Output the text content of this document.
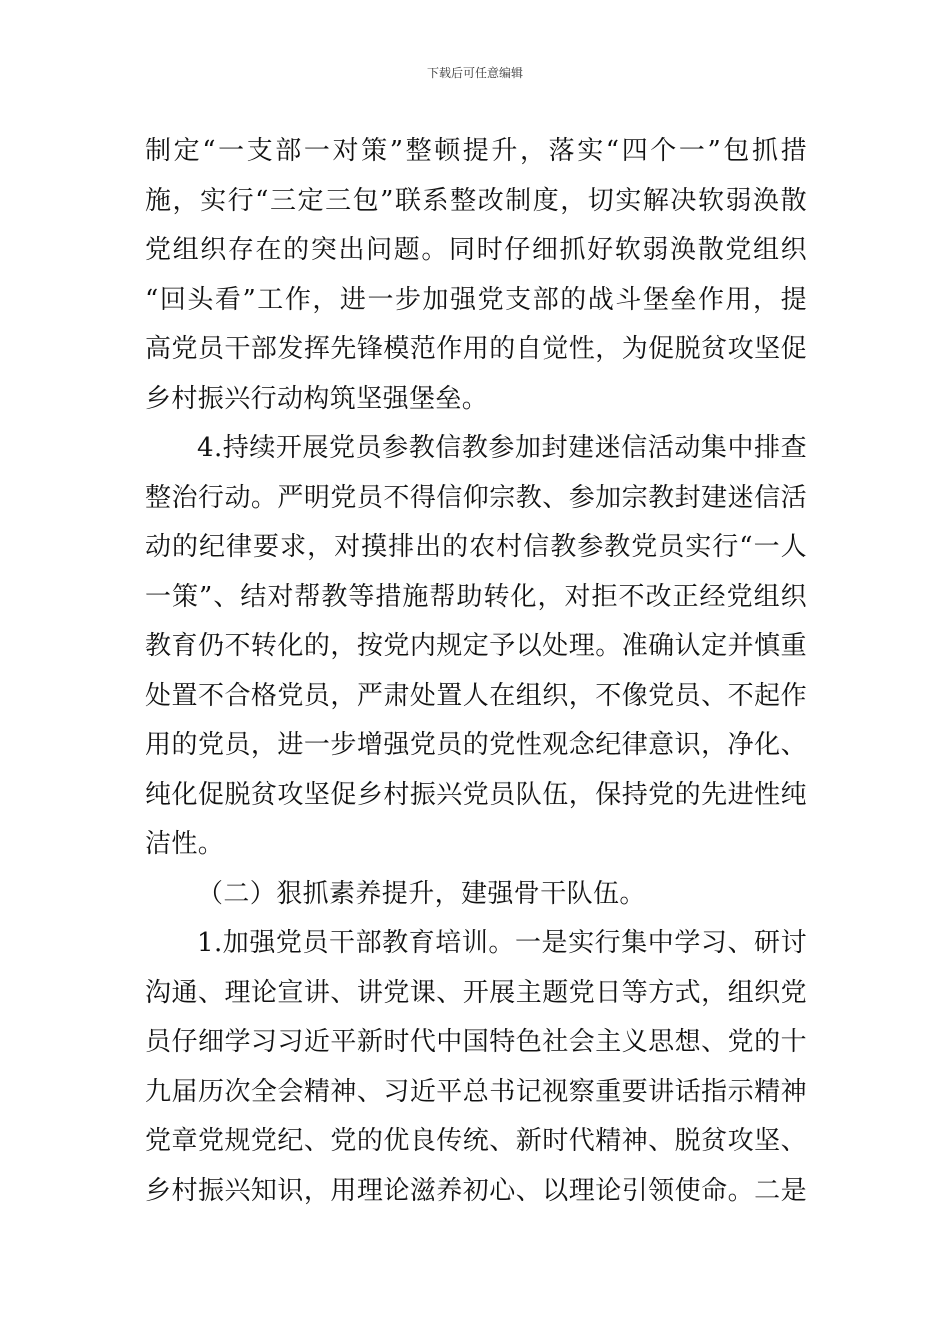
下载后可任意编辑
制定“一支部一对策”整顿提升，落实“四个一”包抓措
施，实行“三定三包”联系整改制度，切实解决软弱涣散
党组织存在的突出问题。同时仔细抓好软弱涣散党组织
“回头看”工作，进一步加强党支部的战斗堡垒作用，提
高党员干部发挥先锋模范作用的自觉性，为促脱贫攻坚促
乡村振兴行动构筑坚强堡垒。
4.持续开展党员参教信教参加封建迷信活动集中排查
整治行动。严明党员不得信仰宗教、参加宗教封建迷信活
动的纪律要求，对摸排出的农村信教参教党员实行“一人
一策”、结对帮教等措施帮助转化，对拒不改正经党组织
教育仍不转化的，按党内规定予以处理。准确认定并慎重
处置不合格党员，严肃处置人在组织，不像党员、不起作
用的党员，进一步增强党员的党性观念纪律意识，净化、
纯化促脱贫攻坚促乡村振兴党员队伍，保持党的先进性纯
洁性。
（二）狠抓素养提升，建强骨干队伍。
1.加强党员干部教育培训。一是实行集中学习、研讨
沟通、理论宣讲、讲党课、开展主题党日等方式，组织党
员仔细学习习近平新时代中国特色社会主义思想、党的十
九届历次全会精神、习近平总书记视察重要讲话指示精神
党章党规党纪、党的优良传统、新时代精神、脱贫攻坚、
乡村振兴知识，用理论滋养初心、以理论引领使命。二是
